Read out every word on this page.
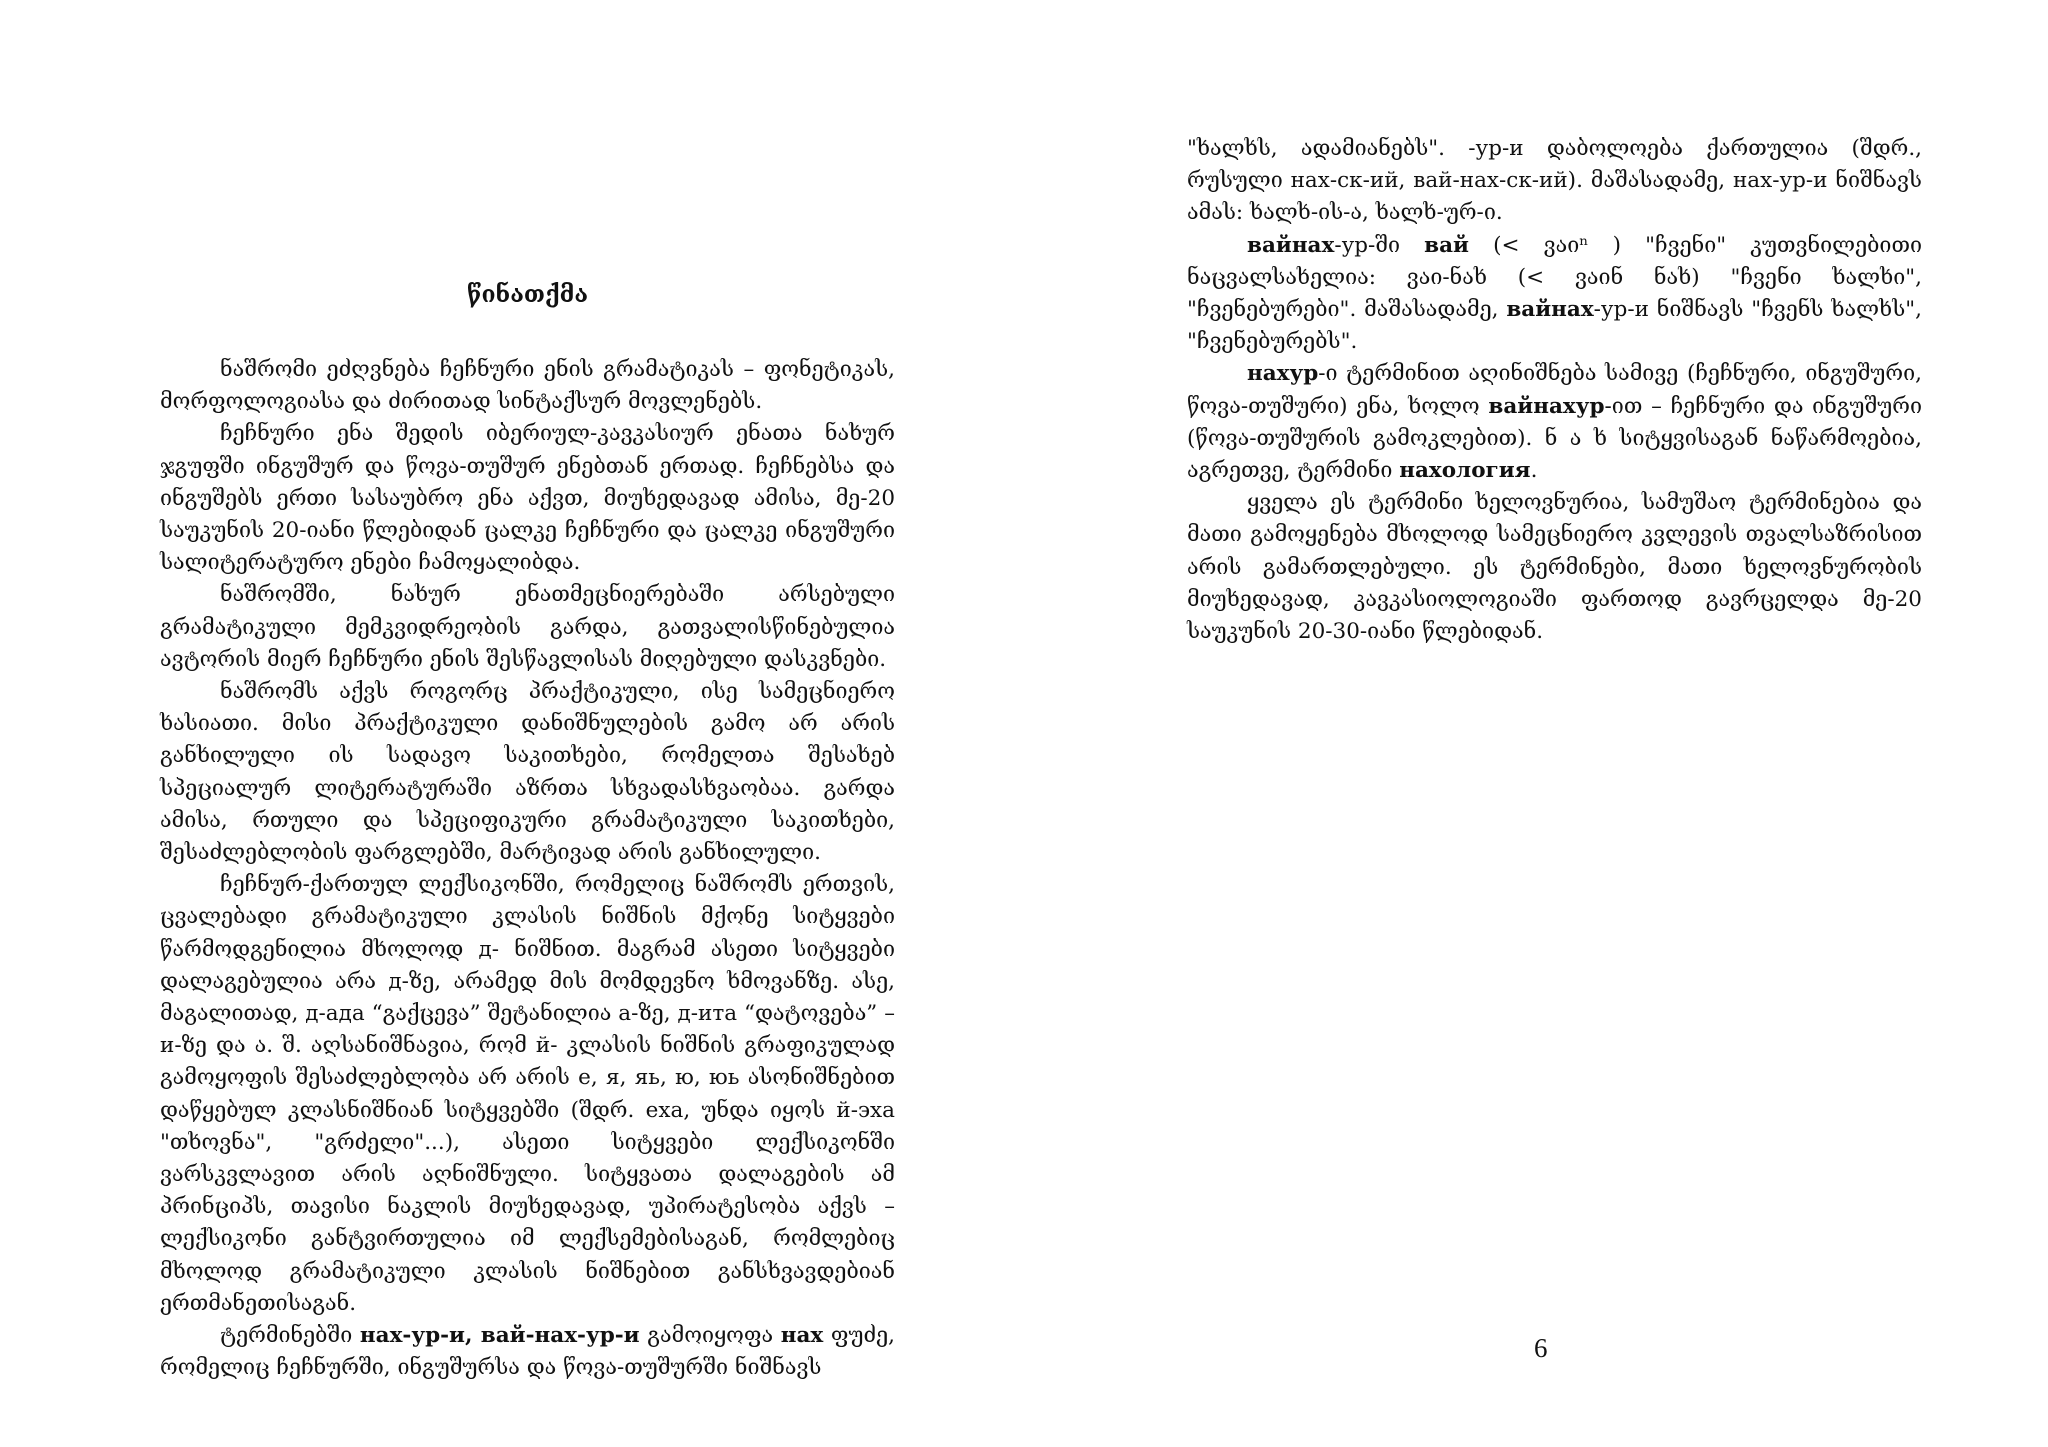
წინათქმა

ნაშრომი ეძღვნება ჩეჩნური ენის გრამატიკას – ფონეტიკას, მორფოლოგიასა და ძირითად სინტაქსურ მოვლენებს.

ჩეჩნური ენა შედის იბერიულ-კავკასიურ ენათა ნახურ ჯგუფში ინგუშურ და წოვა-თუშურ ენებთან ერთად. ჩეჩნებსა და ინგუშებს ერთი სასაუბრო ენა აქვთ, მიუხედავად ამისა, მე-20 საუკუნის 20-იანი წლებიდან ცალკე ჩეჩნური და ცალკე ინგუშური სალიტერატურო ენები ჩამოყალიბდა.

ნაშრომში, ნახურ ენათმეცნიერებაში არსებული გრამატიკული მემკვიდრეობის გარდა, გათვალისწინებულია ავტორის მიერ ჩეჩნური ენის შესწავლისას მიღებული დასკვნები.

ნაშრომს აქვს როგორც პრაქტიკული, ისე სამეცნიერო ხასიათი. მისი პრაქტიკული დანიშნულების გამო არ არის განხილული ის სადავო საკითხები, რომელთა შესახებ სპეციალურ ლიტერატურაში აზრთა სხვადასხვაობაა. გარდა ამისა, რთული და სპეციფიკური გრამატიკული საკითხები, შესაძლებლობის ფარგლებში, მარტივად არის განხილული.

ჩეჩნურ-ქართულ ლექსიკონში, რომელიც ნაშრომს ერთვის, ცვალებადი გრამატიკული კლასის ნიშნის მქონე სიტყვები წარმოდგენილია მხოლოდ д- ნიშნით. მაგრამ ასეთი სიტყვები დალაგებულია არა д-ზე, არამედ მის მომდევნო ხმოვანზე. ასე, მაგალითად, д-ада “გაქცევა” შეტანილია а-ზე, д-ита “დატოვება” – и-ზე და ა. შ. აღსანიშნავია, რომ й- კლასის ნიშნის გრაფიკულად გამოყოფის შესაძლებლობა არ არის е, я, яь, ю, юь ასონიშნებით დაწყებულ კლასნიშნიან სიტყვებში (შდრ. еха, უნდა იყოს й-эха "თხოვნა", "გრძელი"...), ასეთი სიტყვები ლექსიკონში ვარსკვლავით არის აღნიშნული. სიტყვათა დალაგების ამ პრინციპს, თავისი ნაკლის მიუხედავად, უპირატესობა აქვს – ლექსიკონი განტვირთულია იმ ლექსემებისაგან, რომლებიც მხოლოდ გრამატიკული კლასის ნიშნებით განსხვავდებიან ერთმანეთისაგან.

ტერმინებში нах-ур-и, вай-нах-ур-и გამოიყოფა нах ფუძე, რომელიც ჩეჩნურში, ინგუშურსა და წოვა-თუშურში ნიშნავს

"ხალხს, ადამიანებს". -ур-и დაბოლოება ქართულია (შდრ., რუსული нах-ск-ий, вай-нах-ск-ий). მაშასადამე, нах-ур-и ნიშნავს ამას: ხალხ-ის-ა, ხალხ-ურ-ი.

вайнах-ур-ში вай (< ვაიⁿ ) "ჩვენი" კუთვნილებითი ნაცვალსახელია: ვაი-ნახ (< ვაინ ნახ) "ჩვენი ხალხი", "ჩვენებურები". მაშასადამე, вайнах-ур-и ნიშნავს "ჩვენს ხალხს", "ჩვენებურებს".

нахур-ი ტერმინით აღინიშნება სამივე (ჩეჩნური, ინგუშური, წოვა-თუშური) ენა, ხოლო вайнахур-ით – ჩეჩნური და ინგუშური (წოვა-თუშურის გამოკლებით). ნ ა ხ სიტყვისაგან ნაწარმოებია, აგრეთვე, ტერმინი нахология.

ყველა ეს ტერმინი ხელოვნურია, სამუშაო ტერმინებია და მათი გამოყენება მხოლოდ სამეცნიერო კვლევის თვალსაზრისით არის გამართლებული. ეს ტერმინები, მათი ხელოვნურობის მიუხედავად, კავკასიოლოგიაში ფართოდ გავრცელდა მე-20 საუკუნის 20-30-იანი წლებიდან.

6
